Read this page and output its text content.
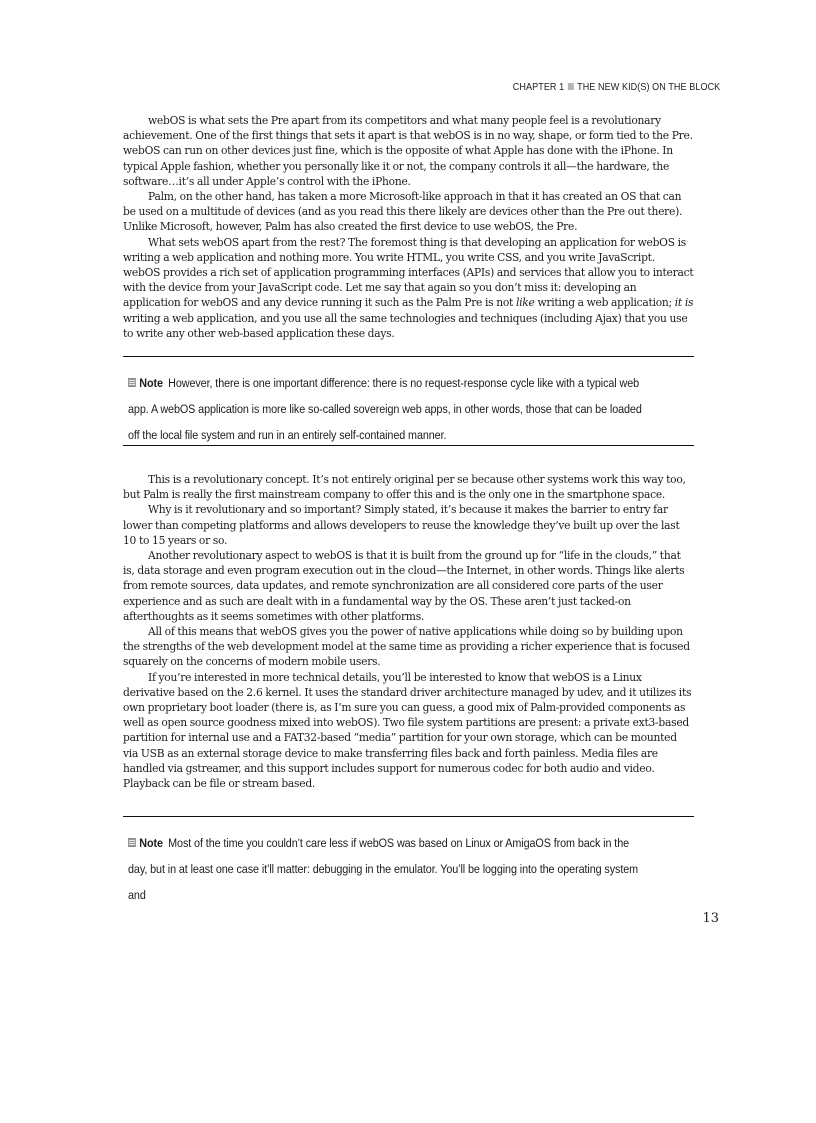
CHAPTER 1 THE NEW KID(S) ON THE BLOCK

webOS is what sets the Pre apart from its competitors and what many people feel is a revolutionary achievement. One of the first things that sets it apart is that webOS is in no way, shape, or form tied to the Pre. webOS can run on other devices just fine, which is the opposite of what Apple has done with the iPhone. In typical Apple fashion, whether you personally like it or not, the company controls it all—the hardware, the software…it’s all under Apple’s control with the iPhone.

Palm, on the other hand, has taken a more Microsoft-like approach in that it has created an OS that can be used on a multitude of devices (and as you read this there likely are devices other than the Pre out there). Unlike Microsoft, however, Palm has also created the first device to use webOS, the Pre.

What sets webOS apart from the rest? The foremost thing is that developing an application for webOS is writing a web application and nothing more. You write HTML, you write CSS, and you write JavaScript. webOS provides a rich set of application programming interfaces (APIs) and services that allow you to interact with the device from your JavaScript code. Let me say that again so you don’t miss it: developing an application for webOS and any device running it such as the Palm Pre is not like writing a web application; it is writing a web application, and you use all the same technologies and techniques (including Ajax) that you use to write any other web-based application these days.

Note However, there is one important difference: there is no request-response cycle like with a typical web app. A webOS application is more like so-called sovereign web apps, in other words, those that can be loaded off the local file system and run in an entirely self-contained manner.

This is a revolutionary concept. It’s not entirely original per se because other systems work this way too, but Palm is really the first mainstream company to offer this and is the only one in the smartphone space.

Why is it revolutionary and so important? Simply stated, it’s because it makes the barrier to entry far lower than competing platforms and allows developers to reuse the knowledge they’ve built up over the last 10 to 15 years or so.

Another revolutionary aspect to webOS is that it is built from the ground up for “life in the clouds,” that is, data storage and even program execution out in the cloud—the Internet, in other words. Things like alerts from remote sources, data updates, and remote synchronization are all considered core parts of the user experience and as such are dealt with in a fundamental way by the OS. These aren’t just tacked-on afterthoughts as it seems sometimes with other platforms.

All of this means that webOS gives you the power of native applications while doing so by building upon the strengths of the web development model at the same time as providing a richer experience that is focused squarely on the concerns of modern mobile users.

If you’re interested in more technical details, you’ll be interested to know that webOS is a Linux derivative based on the 2.6 kernel. It uses the standard driver architecture managed by udev, and it utilizes its own proprietary boot loader (there is, as I’m sure you can guess, a good mix of Palm-provided components as well as open source goodness mixed into webOS). Two file system partitions are present: a private ext3-based partition for internal use and a FAT32-based “media” partition for your own storage, which can be mounted via USB as an external storage device to make transferring files back and forth painless. Media files are handled via gstreamer, and this support includes support for numerous codec for both audio and video. Playback can be file or stream based.

Note Most of the time you couldn’t care less if webOS was based on Linux or AmigaOS from back in the day, but in at least one case it’ll matter: debugging in the emulator. You’ll be logging into the operating system and
13
